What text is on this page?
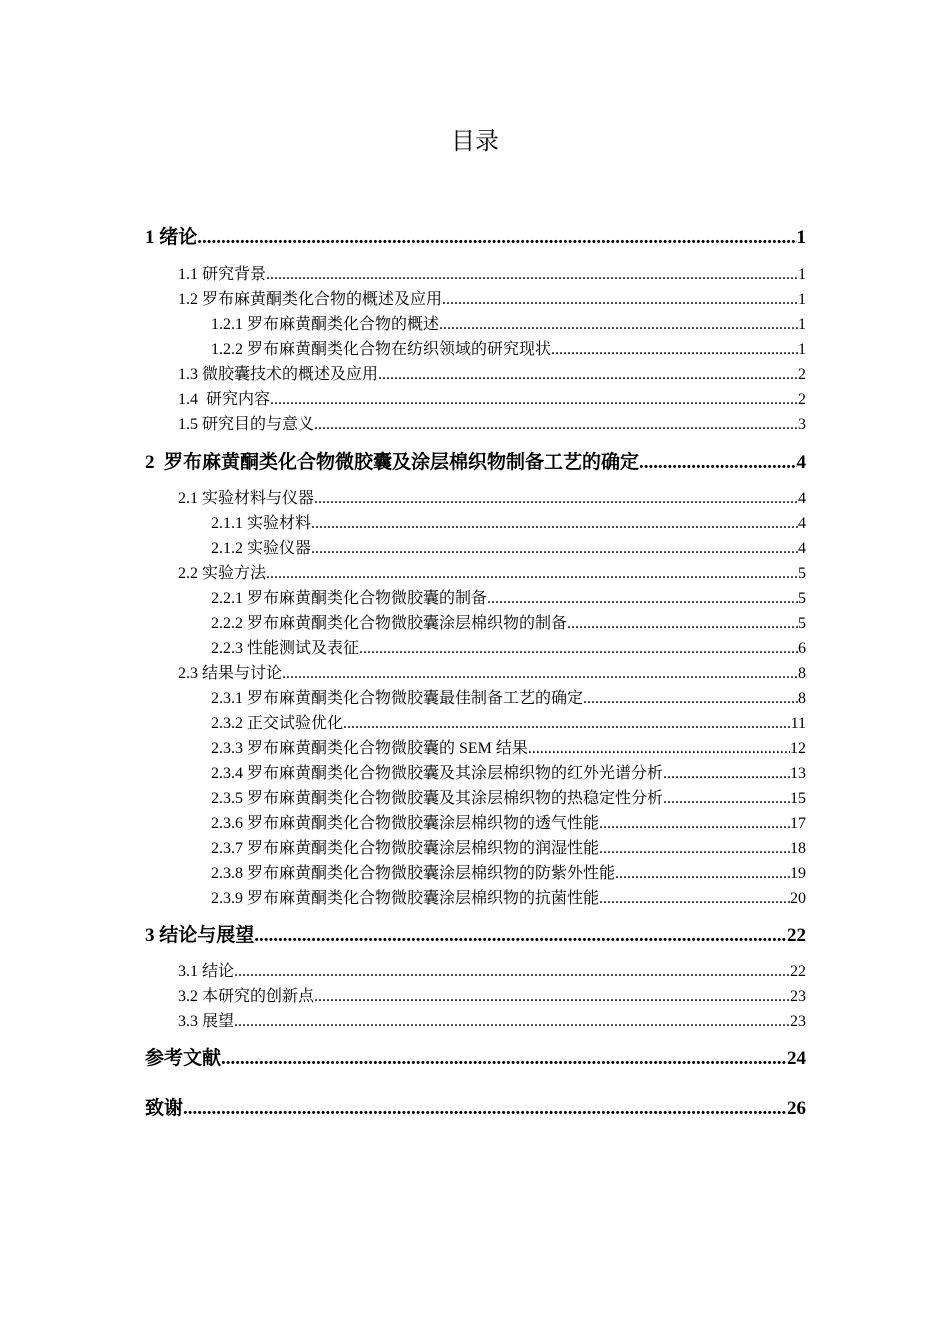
目录
1 绪论 .....	1
1.1 研究背景 .....	1
1.2 罗布麻黄酮类化合物的概述及应用 .....	1
1.2.1 罗布麻黄酮类化合物的概述 .....	1
1.2.2 罗布麻黄酮类化合物在纺织领域的研究现状 .....	1
1.3 微胶囊技术的概述及应用 .....	2
1.4  研究内容 .....	2
1.5 研究目的与意义 .....	3
2  罗布麻黄酮类化合物微胶囊及涂层棉织物制备工艺的确定 .....	4
2.1 实验材料与仪器 .....	4
2.1.1 实验材料 .....	4
2.1.2 实验仪器 .....	4
2.2 实验方法 .....	5
2.2.1 罗布麻黄酮类化合物微胶囊的制备 .....	5
2.2.2 罗布麻黄酮类化合物微胶囊涂层棉织物的制备 .....	5
2.2.3 性能测试及表征 .....	6
2.3 结果与讨论 .....	8
2.3.1 罗布麻黄酮类化合物微胶囊最佳制备工艺的确定 .....	8
2.3.2 正交试验优化 .....	11
2.3.3 罗布麻黄酮类化合物微胶囊的 SEM 结果 .....	12
2.3.4 罗布麻黄酮类化合物微胶囊及其涂层棉织物的红外光谱分析 .....	13
2.3.5 罗布麻黄酮类化合物微胶囊及其涂层棉织物的热稳定性分析 .....	15
2.3.6 罗布麻黄酮类化合物微胶囊涂层棉织物的透气性能 .....	17
2.3.7 罗布麻黄酮类化合物微胶囊涂层棉织物的润湿性能 .....	18
2.3.8 罗布麻黄酮类化合物微胶囊涂层棉织物的防紫外性能 .....	19
2.3.9 罗布麻黄酮类化合物微胶囊涂层棉织物的抗菌性能 .....	20
3 结论与展望 .....	22
3.1 结论 .....	22
3.2 本研究的创新点 .....	23
3.3 展望 .....	23
参考文献 .....	24
致谢 .....	26
